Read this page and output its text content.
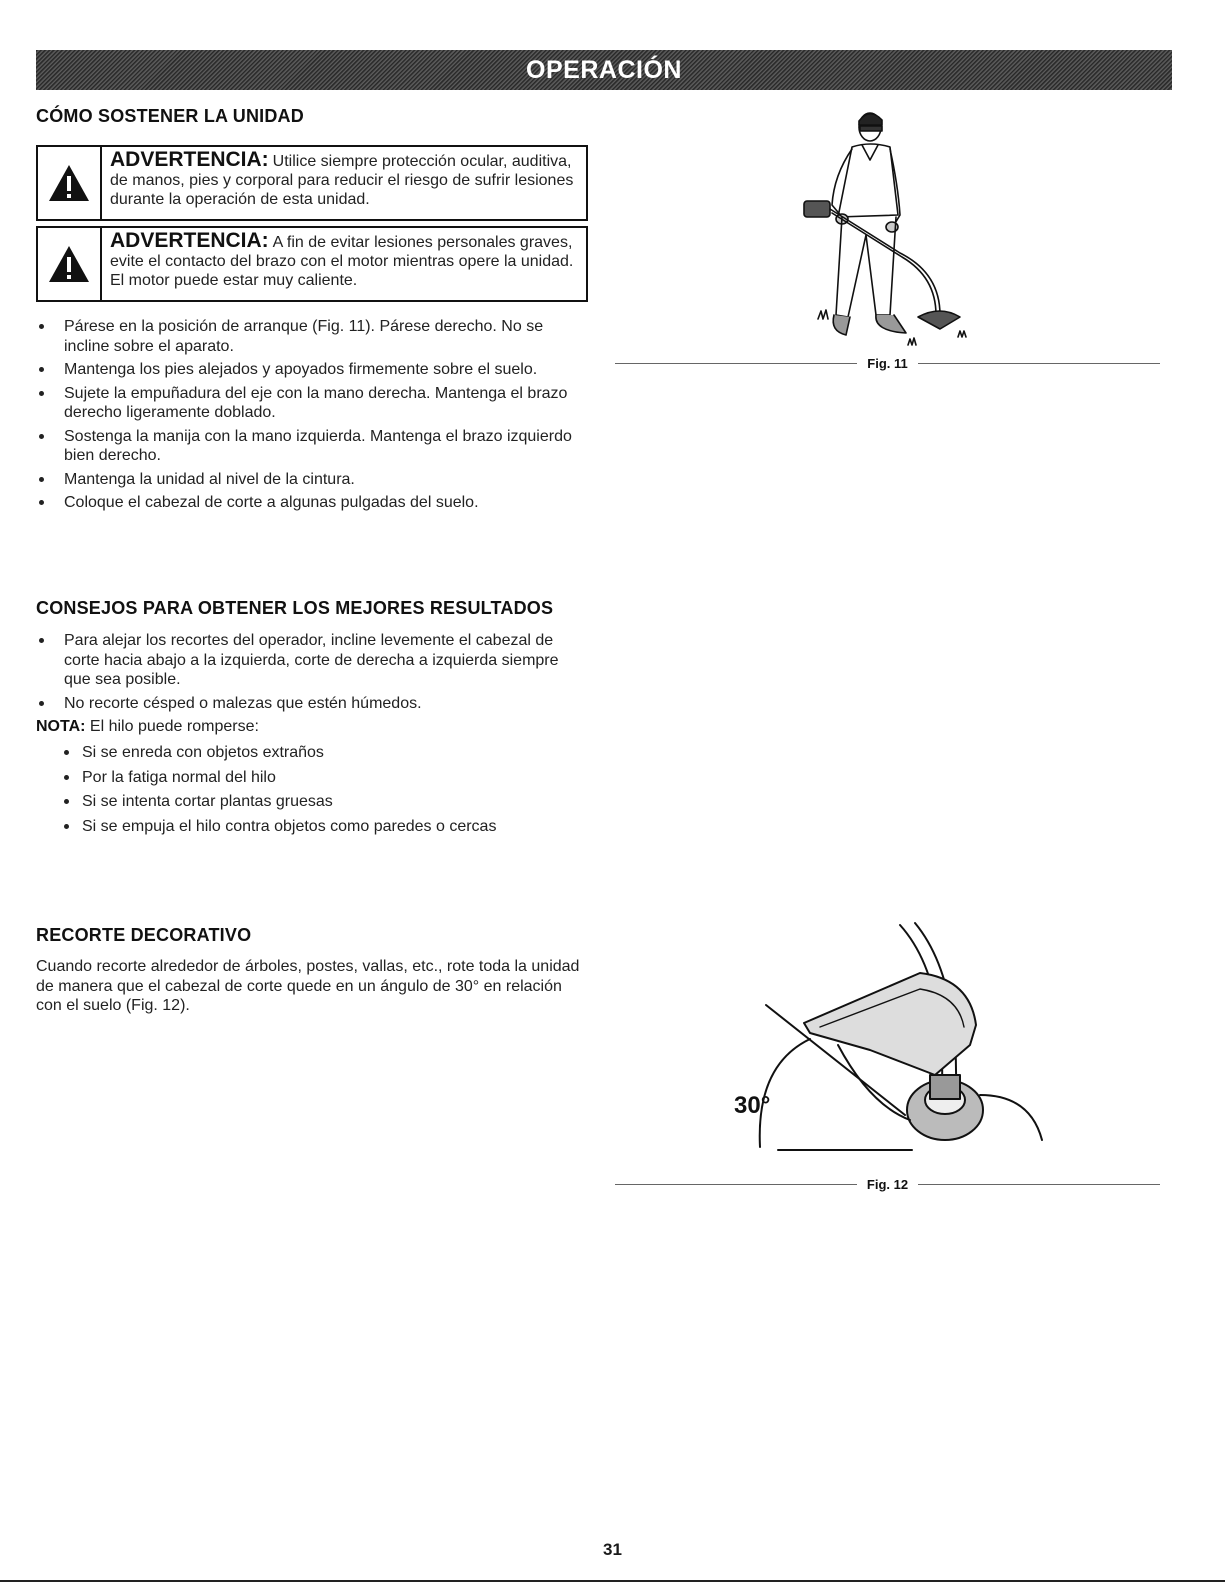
OPERACIÓN
CÓMO SOSTENER LA UNIDAD
ADVERTENCIA: Utilice siempre protección ocular, auditiva, de manos, pies y corporal para reducir el riesgo de sufrir lesiones durante la operación de esta unidad.
ADVERTENCIA: A fin de evitar lesiones personales graves, evite el contacto del brazo con el motor mientras opere la unidad. El motor puede estar muy caliente.
Párese en la posición de arranque (Fig. 11). Párese derecho. No se incline sobre el aparato.
Mantenga los pies alejados y apoyados firmemente sobre el suelo.
Sujete la empuñadura del eje con la mano derecha. Mantenga el brazo derecho ligeramente doblado.
Sostenga la manija con la mano izquierda. Mantenga el brazo izquierdo bien derecho.
Mantenga la unidad al nivel de la cintura.
Coloque el cabezal de corte a algunas pulgadas del suelo.
Fig. 11
CONSEJOS PARA OBTENER LOS MEJORES RESULTADOS
Para alejar los recortes del operador, incline levemente el cabezal de corte hacia abajo a la izquierda, corte de derecha a izquierda siempre que sea posible.
No recorte césped o malezas que estén húmedos.
NOTA: El hilo puede romperse:
Si se enreda con objetos extraños
Por la fatiga normal del hilo
Si se intenta cortar plantas gruesas
Si se empuja el hilo contra objetos como paredes o cercas
RECORTE DECORATIVO

Cuando recorte alrededor de árboles, postes, vallas, etc., rote toda la unidad de manera que el cabezal de corte quede en un ángulo de 30° en relación con el suelo (Fig. 12).

30°
Fig. 12
31
